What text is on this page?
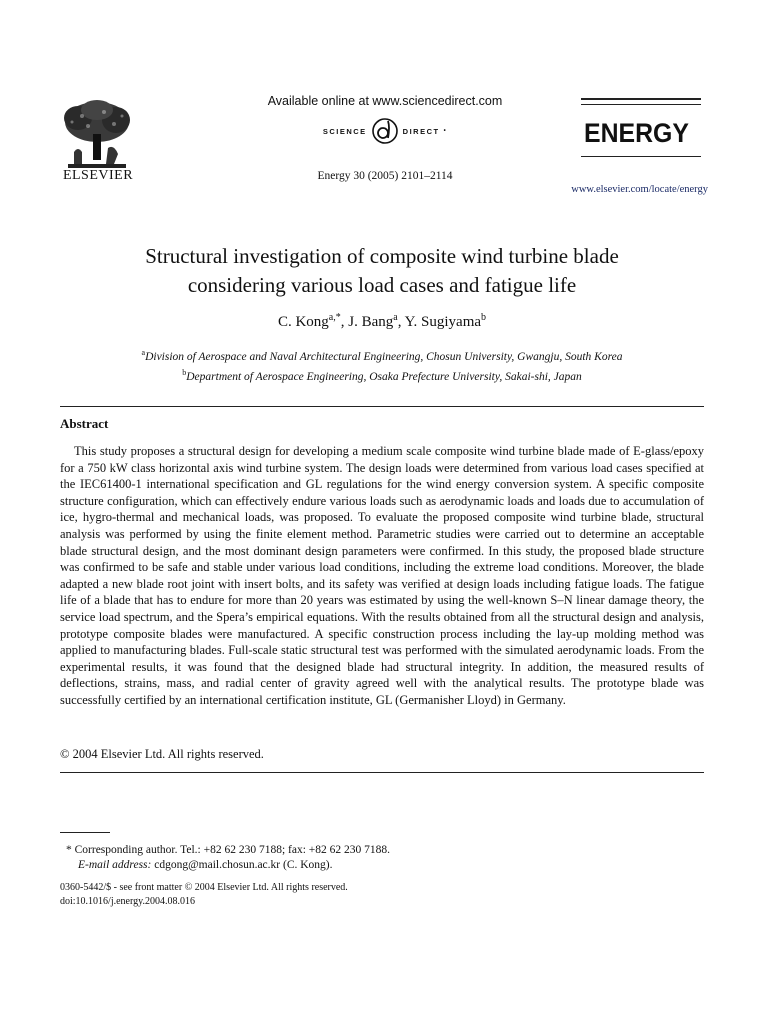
ELSEVIER
Available online at www.sciencedirect.com
SCIENCE	DIRECT •
Energy 30 (2005) 2101–2114
ENERGY
www.elsevier.com/locate/energy
Structural investigation of composite wind turbine blade
considering various load cases and fatigue life
C. Kong$^{a,*}$, J. Bang$^a$, Y. Sugiyama$^b$
$^a$Division of Aerospace and Naval Architectural Engineering, Chosun University, Gwangju, South Korea
$^b$Department of Aerospace Engineering, Osaka Prefecture University, Sakai-shi, Japan
Abstract
This study proposes a structural design for developing a medium scale composite wind turbine blade made of E-glass/epoxy for a 750 kW class horizontal axis wind turbine system. The design loads were determined from various load cases specified at the IEC61400-1 international specification and GL regulations for the wind energy conversion system. A specific composite structure configuration, which can effectively endure various loads such as aerodynamic loads and loads due to accumulation of ice, hygro-thermal and mechanical loads, was proposed. To evaluate the proposed composite wind turbine blade, structural analysis was performed by using the finite element method. Parametric studies were carried out to determine an acceptable blade structural design, and the most dominant design parameters were confirmed. In this study, the proposed blade structure was confirmed to be safe and stable under various load conditions, including the extreme load conditions. Moreover, the blade adapted a new blade root joint with insert bolts, and its safety was verified at design loads including fatigue loads. The fatigue life of a blade that has to endure for more than 20 years was estimated by using the well-known S–N linear damage theory, the service load spectrum, and the Spera’s empirical equations. With the results obtained from all the structural design and analysis, prototype composite blades were manufactured. A specific construction process including the lay-up molding method was applied to manufacturing blades. Full-scale static structural test was performed with the simulated aerodynamic loads. From the experimental results, it was found that the designed blade had structural integrity. In addition, the measured results of deflections, strains, mass, and radial center of gravity agreed well with the analytical results. The prototype blade was successfully certified by an international certification institute, GL (Germanisher Lloyd) in Germany.
© 2004 Elsevier Ltd. All rights reserved.
* Corresponding author. Tel.: +82 62 230 7188; fax: +82 62 230 7188.
E-mail address: cdgong@mail.chosun.ac.kr (C. Kong).
0360-5442/$ - see front matter © 2004 Elsevier Ltd. All rights reserved.
doi:10.1016/j.energy.2004.08.016
